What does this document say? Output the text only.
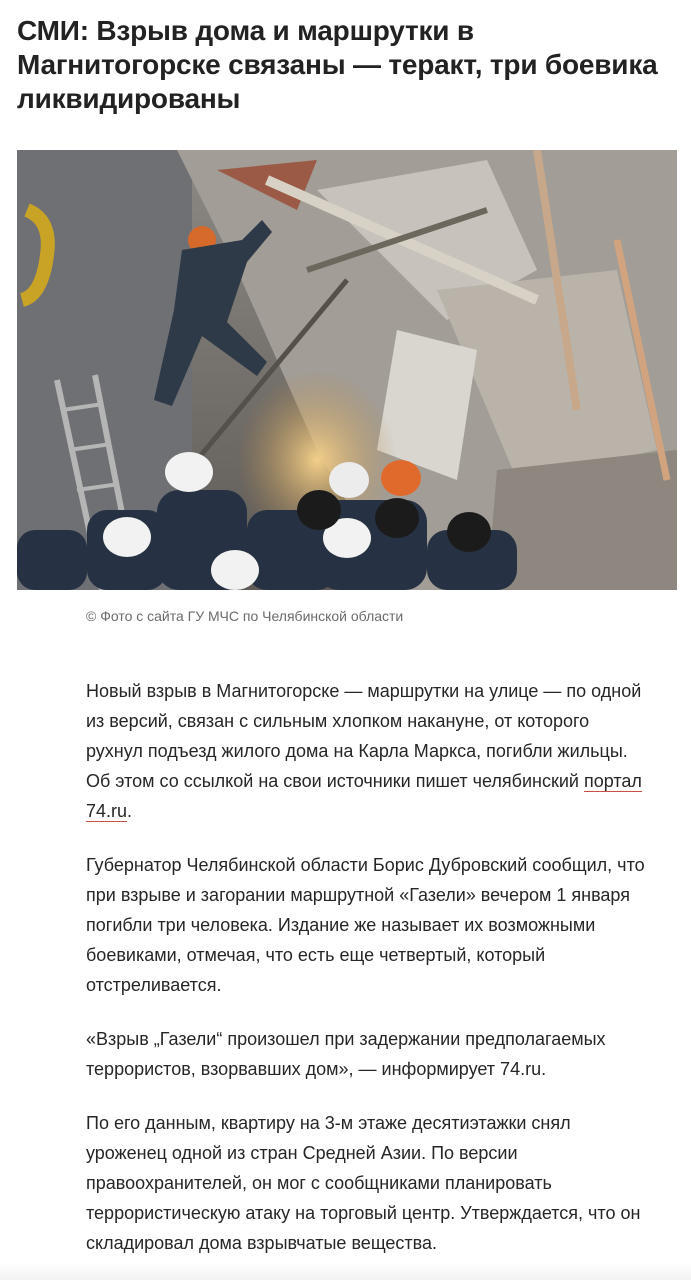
СМИ: Взрыв дома и маршрутки в Магнитогорске связаны — теракт, три боевика ликвидированы
© Фото с сайта ГУ МЧС по Челябинской области

Новый взрыв в Магнитогорске — маршрутки на улице — по одной из версий, связан с сильным хлопком накануне, от которого рухнул подъезд жилого дома на Карла Маркса, погибли жильцы. Об этом со ссылкой на свои источники пишет челябинский портал 74.ru.

Губернатор Челябинской области Борис Дубровский сообщил, что при взрыве и загорании маршрутной «Газели» вечером 1 января погибли три человека. Издание же называет их возможными боевиками, отмечая, что есть еще четвертый, который отстреливается.

«Взрыв „Газели“ произошел при задержании предполагаемых террористов, взорвавших дом», — информирует 74.ru.

По его данным, квартиру на 3-м этаже десятиэтажки снял уроженец одной из стран Средней Азии. По версии правоохранителей, он мог с сообщниками планировать террористическую атаку на торговый центр. Утверждается, что он складировал дома взрывчатые вещества.
